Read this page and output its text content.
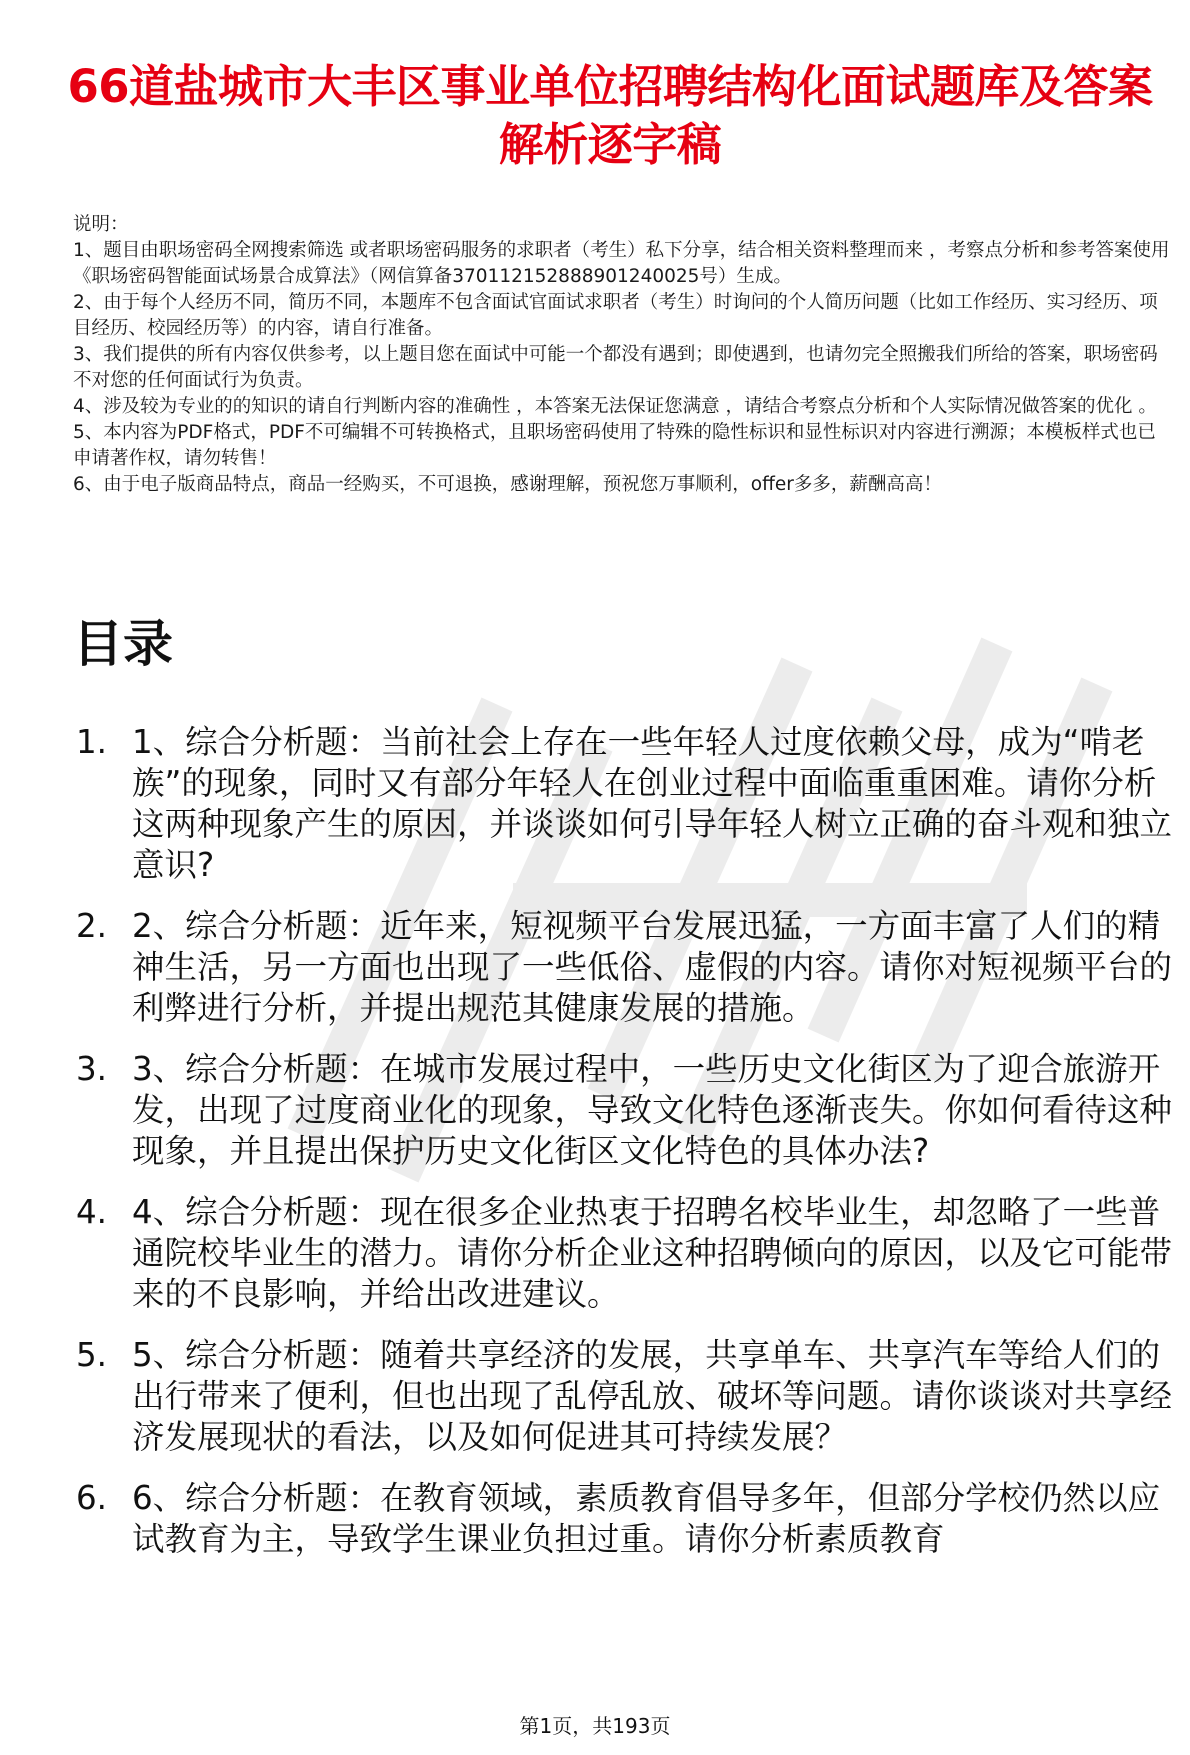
66道盐城市大丰区事业单位招聘结构化面试题库及答案解析逐字稿

说明：

1、题目由职场密码全网搜索筛选 或者职场密码服务的求职者（考生）私下分享，结合相关资料整理而来 ，考察点分析和参考答案使用《职场密码智能面试场景合成算法》（网信算备370112152888901240025号）生成。

2、由于每个人经历不同，简历不同，本题库不包含面试官面试求职者（考生）时询问的个人简历问题（比如工作经历、实习经历、项目经历、校园经历等）的内容，请自行准备。

3、我们提供的所有内容仅供参考，以上题目您在面试中可能一个都没有遇到；即使遇到，也请勿完全照搬我们所给的答案，职场密码不对您的任何面试行为负责。

4、涉及较为专业的的知识的请自行判断内容的准确性 ，本答案无法保证您满意 ，请结合考察点分析和个人实际情况做答案的优化 。

5、本内容为PDF格式，PDF不可编辑不可转换格式，且职场密码使用了特殊的隐性标识和显性标识对内容进行溯源；本模板样式也已申请著作权，请勿转售！

6、由于电子版商品特点，商品一经购买，不可退换，感谢理解，预祝您万事顺利，offer多多，薪酬高高！

目录
1. 1、综合分析题：当前社会上存在一些年轻人过度依赖父母，成为“啃老族”的现象，同时又有部分年轻人在创业过程中面临重重困难。请你分析这两种现象产生的原因，并谈谈如何引导年轻人树立正确的奋斗观和独立意识?
2. 2、综合分析题：近年来，短视频平台发展迅猛，一方面丰富了人们的精神生活，另一方面也出现了一些低俗、虚假的内容。请你对短视频平台的利弊进行分析，并提出规范其健康发展的措施。
3. 3、综合分析题：在城市发展过程中，一些历史文化街区为了迎合旅游开发，出现了过度商业化的现象，导致文化特色逐渐丧失。你如何看待这种现象，并且提出保护历史文化街区文化特色的具体办法?
4. 4、综合分析题：现在很多企业热衷于招聘名校毕业生，却忽略了一些普通院校毕业生的潜力。请你分析企业这种招聘倾向的原因，以及它可能带来的不良影响，并给出改进建议。
5. 5、综合分析题：随着共享经济的发展，共享单车、共享汽车等给人们的出行带来了便利，但也出现了乱停乱放、破坏等问题。请你谈谈对共享经济发展现状的看法，以及如何促进其可持续发展？
6. 6、综合分析题：在教育领域，素质教育倡导多年，但部分学校仍然以应试教育为主，导致学生课业负担过重。请你分析素质教育
第1页，共193页
